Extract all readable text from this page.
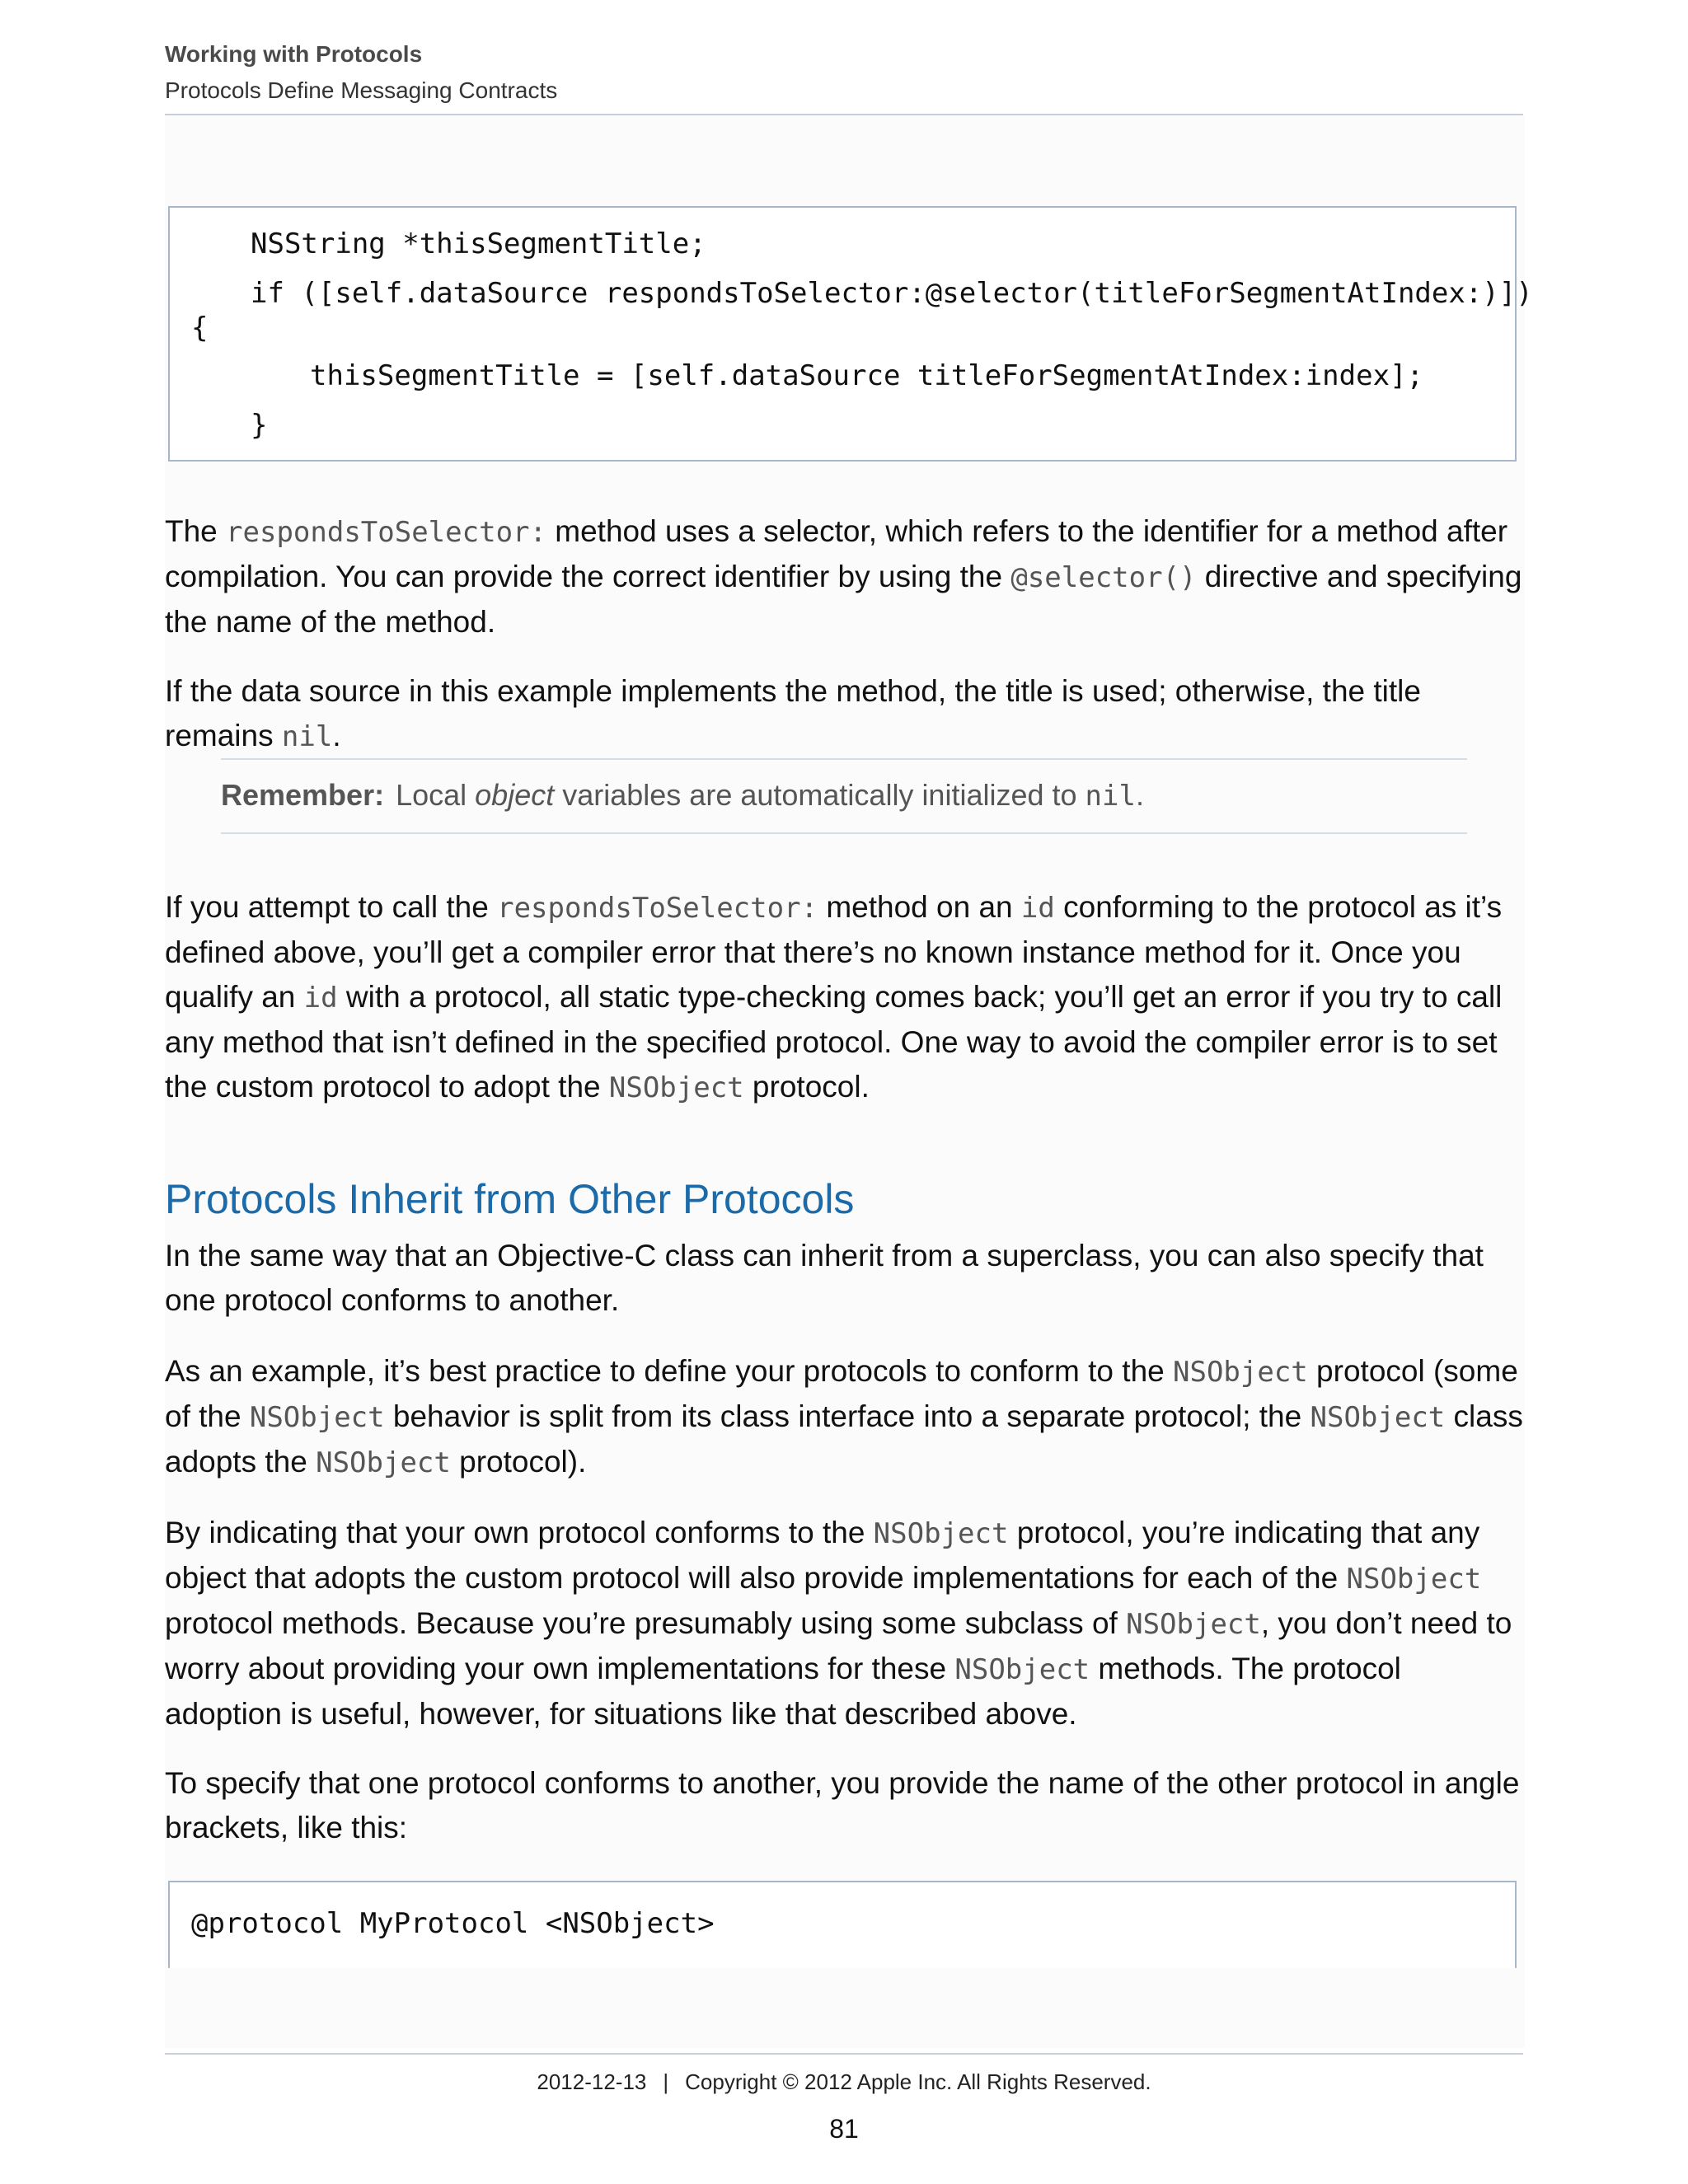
Working with Protocols
Protocols Define Messaging Contracts
NSString *thisSegmentTitle;
if ([self.dataSource respondsToSelector:@selector(titleForSegmentAtIndex:)])
{
thisSegmentTitle = [self.dataSource titleForSegmentAtIndex:index];
}
The respondsToSelector: method uses a selector, which refers to the identifier for a method after compilation. You can provide the correct identifier by using the @selector() directive and specifying the name of the method.
If the data source in this example implements the method, the title is used; otherwise, the title remains nil.
Remember: Local object variables are automatically initialized to nil.
If you attempt to call the respondsToSelector: method on an id conforming to the protocol as it’s defined above, you’ll get a compiler error that there’s no known instance method for it. Once you qualify an id with a protocol, all static type-checking comes back; you’ll get an error if you try to call any method that isn’t defined in the specified protocol. One way to avoid the compiler error is to set the custom protocol to adopt the NSObject protocol.
Protocols Inherit from Other Protocols
In the same way that an Objective-C class can inherit from a superclass, you can also specify that one protocol conforms to another.
As an example, it’s best practice to define your protocols to conform to the NSObject protocol (some of the NSObject behavior is split from its class interface into a separate protocol; the NSObject class adopts the NSObject protocol).
By indicating that your own protocol conforms to the NSObject protocol, you’re indicating that any object that adopts the custom protocol will also provide implementations for each of the NSObject protocol methods. Because you’re presumably using some subclass of NSObject, you don’t need to worry about providing your own implementations for these NSObject methods. The protocol adoption is useful, however, for situations like that described above.
To specify that one protocol conforms to another, you provide the name of the other protocol in angle brackets, like this:
@protocol MyProtocol <NSObject>
2012-12-13 | Copyright © 2012 Apple Inc. All Rights Reserved.
81
